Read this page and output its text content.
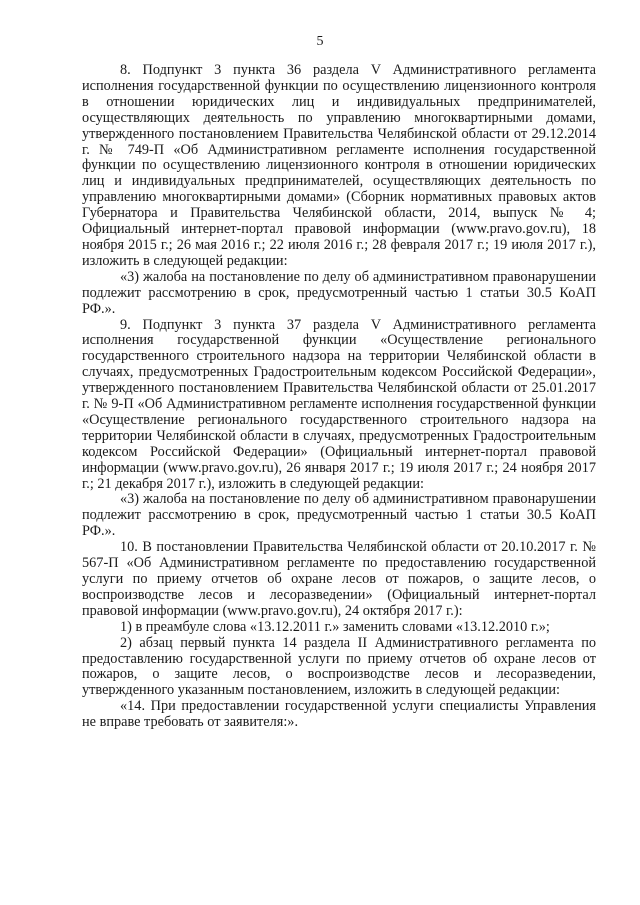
5

8. Подпункт 3 пункта 36 раздела V Административного регламента исполнения государственной функции по осуществлению лицензионного контроля в отношении юридических лиц и индивидуальных предпринимателей, осуществляющих деятельность по управлению многоквартирными домами, утвержденного постановлением Правительства Челябинской области от 29.12.2014 г. № 749-П «Об Административном регламенте исполнения государственной функции по осуществлению лицензионного контроля в отношении юридических лиц и индивидуальных предпринимателей, осуществляющих деятельность по управлению многоквартирными домами» (Сборник нормативных правовых актов Губернатора и Правительства Челябинской области, 2014, выпуск № 4; Официальный интернет-портал правовой информации (www.pravo.gov.ru), 18 ноября 2015 г.; 26 мая 2016 г.; 22 июля 2016 г.; 28 февраля 2017 г.; 19 июля 2017 г.), изложить в следующей редакции:

«3) жалоба на постановление по делу об административном правонарушении подлежит рассмотрению в срок, предусмотренный частью 1 статьи 30.5 КоАП РФ.».

9. Подпункт 3 пункта 37 раздела V Административного регламента исполнения государственной функции «Осуществление регионального государственного строительного надзора на территории Челябинской области в случаях, предусмотренных Градостроительным кодексом Российской Федерации», утвержденного постановлением Правительства Челябинской области от 25.01.2017 г. № 9-П «Об Административном регламенте исполнения государственной функции «Осуществление регионального государственного строительного надзора на территории Челябинской области в случаях, предусмотренных Градостроительным кодексом Российской Федерации» (Официальный интернет-портал правовой информации (www.pravo.gov.ru), 26 января 2017 г.; 19 июля 2017 г.; 24 ноября 2017 г.; 21 декабря 2017 г.), изложить в следующей редакции:

«3) жалоба на постановление по делу об административном правонарушении подлежит рассмотрению в срок, предусмотренный частью 1 статьи 30.5 КоАП РФ.».

10. В постановлении Правительства Челябинской области от 20.10.2017 г. № 567-П «Об Административном регламенте по предоставлению государственной услуги по приему отчетов об охране лесов от пожаров, о защите лесов, о воспроизводстве лесов и лесоразведении» (Официальный интернет-портал правовой информации (www.pravo.gov.ru), 24 октября 2017 г.):

1) в преамбуле слова «13.12.2011 г.» заменить словами «13.12.2010 г.»;

2) абзац первый пункта 14 раздела II Административного регламента по предоставлению государственной услуги по приему отчетов об охране лесов от пожаров, о защите лесов, о воспроизводстве лесов и лесоразведении, утвержденного указанным постановлением, изложить в следующей редакции:

«14. При предоставлении государственной услуги специалисты Управления не вправе требовать от заявителя:».
